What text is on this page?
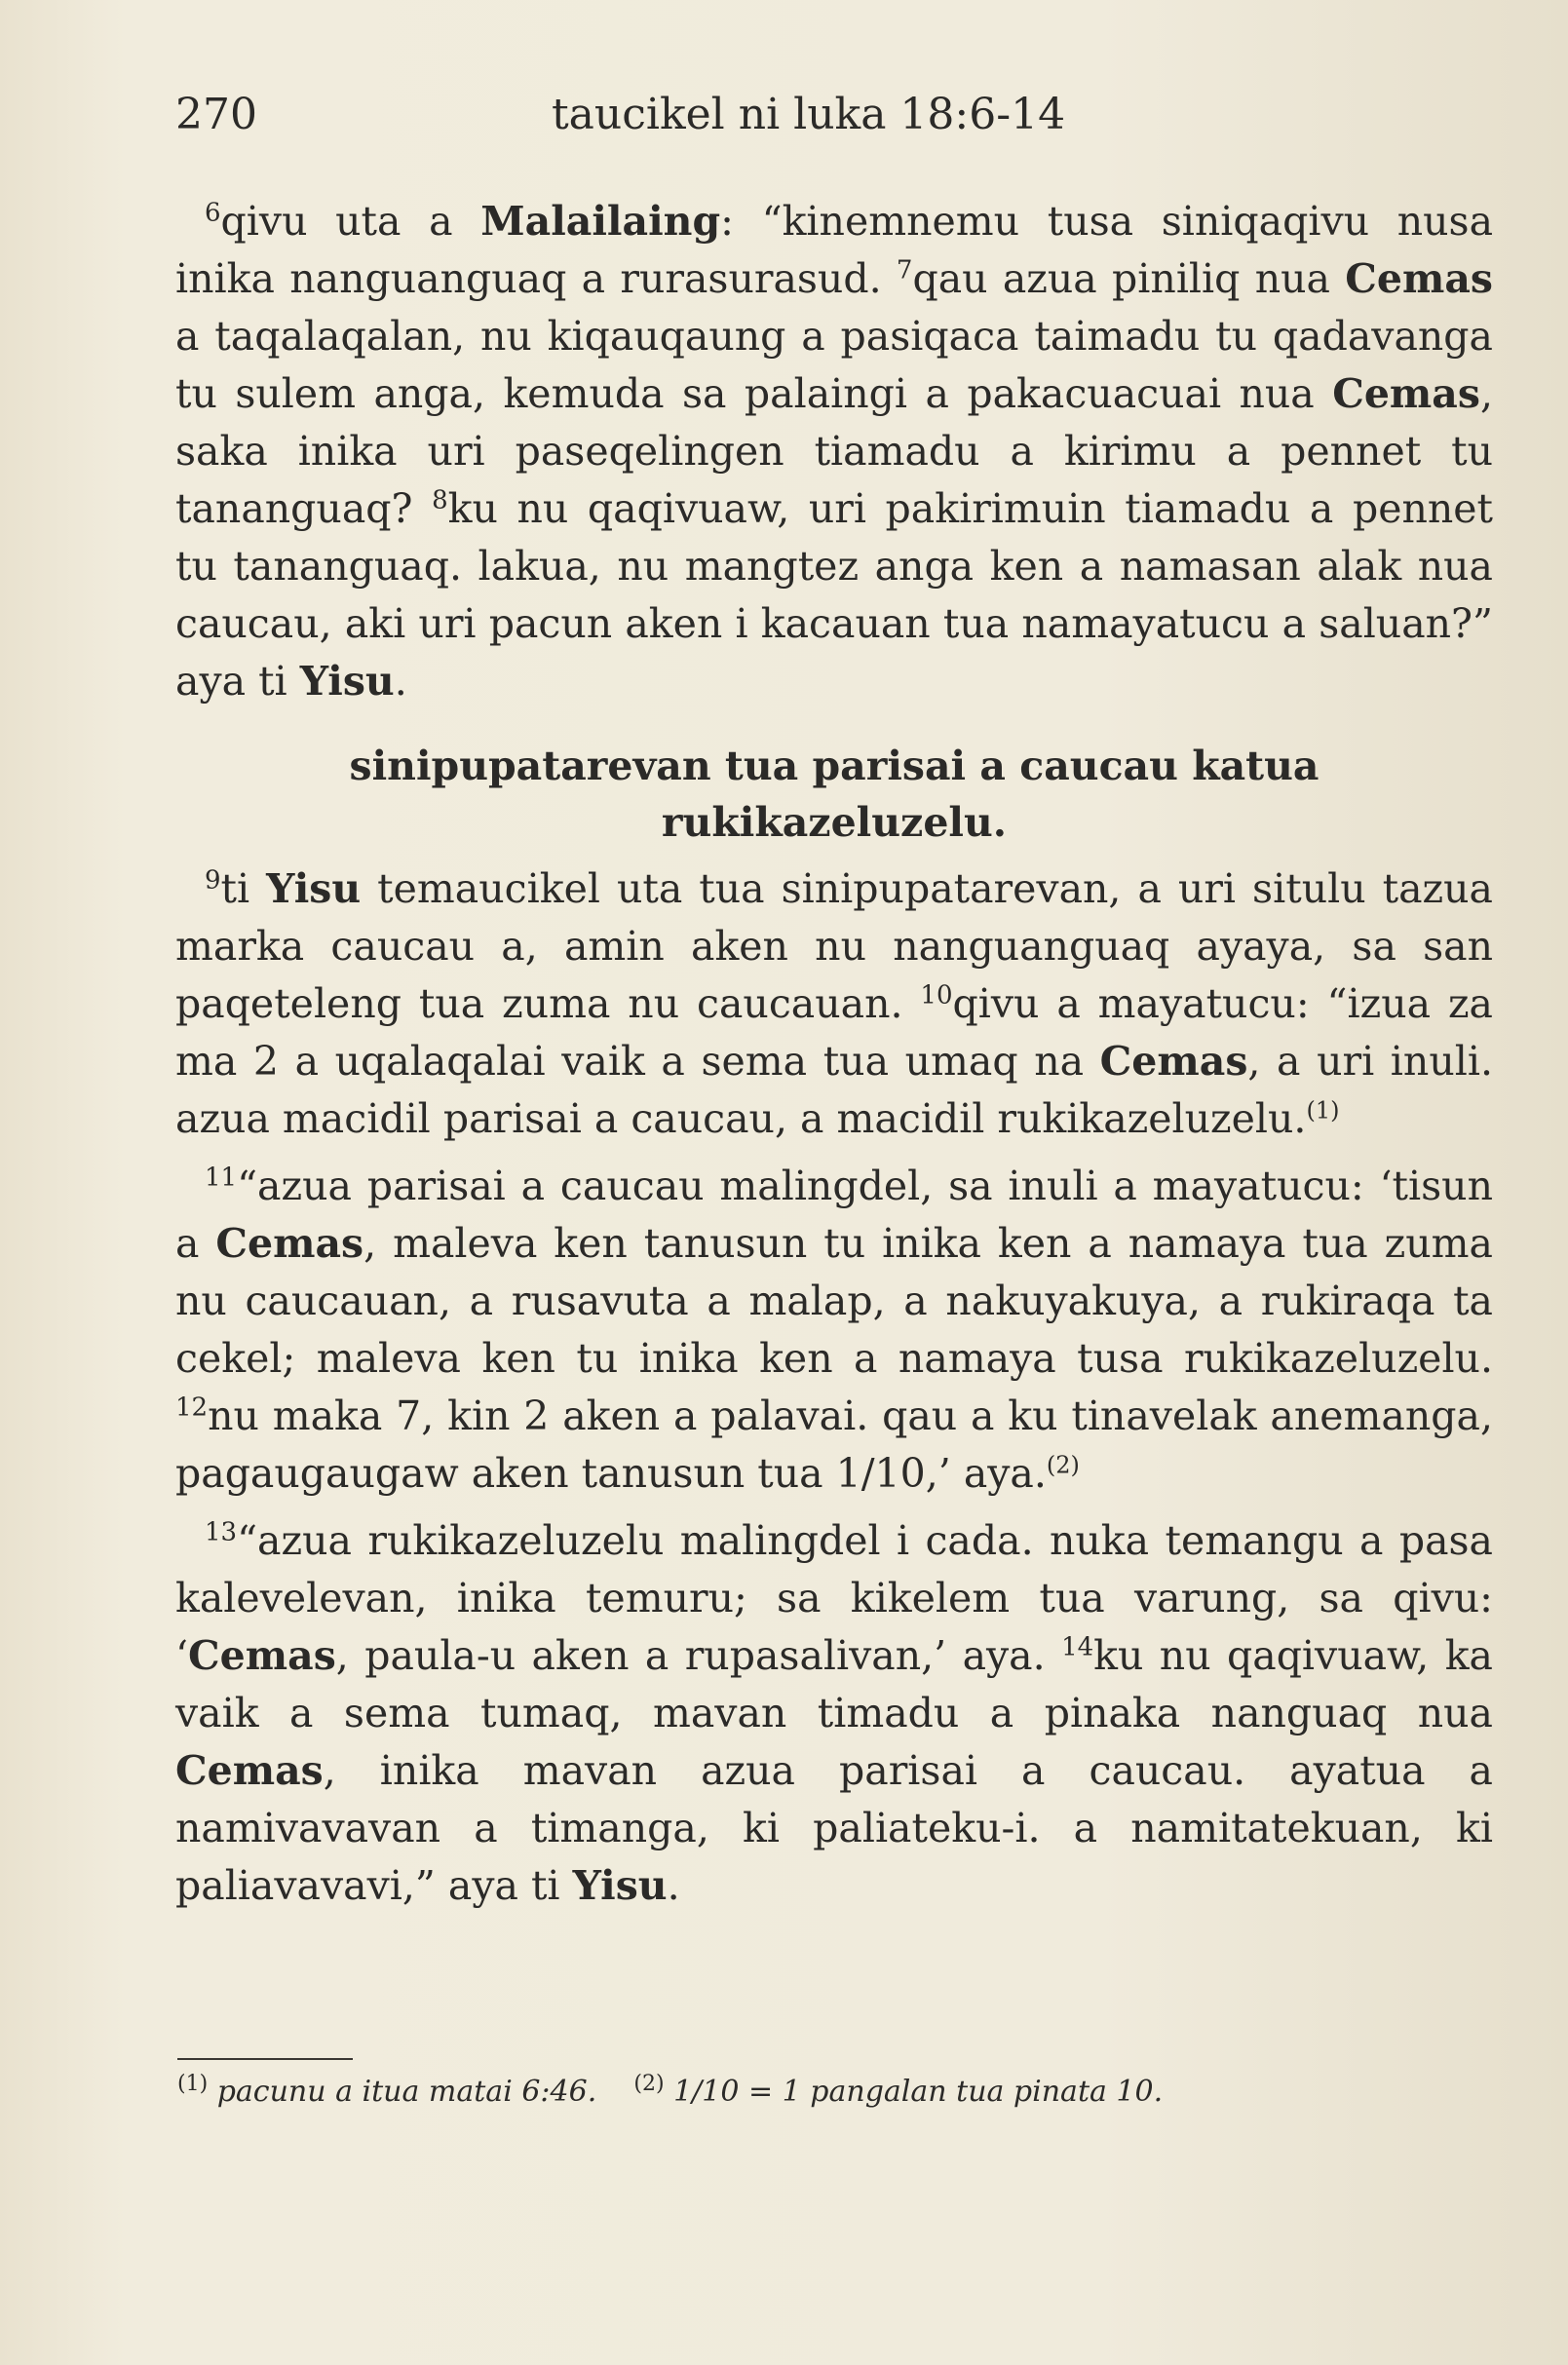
270	taucikel ni luka 18:6-14

$^6$qivu uta a Malailaing: “kinemnemu tusa siniqaqivu nusa inika nanguanguaq a rurasurasud. $^7$qau azua piniliq nua Cemas a taqalaqalan, nu kiqauqaung a pasiqaca taimadu tu qadavanga tu sulem anga, kemuda sa palaingi a pakacuacuai nua Cemas, saka inika uri paseqelingen tiamadu a kirimu a pennet tu tananguaq? $^8$ku nu qaqivuaw, uri pakirimuin tiamadu a pennet tu tananguaq. lakua, nu mangtez anga ken a namasan alak nua caucau, aki uri pacun aken i kacauan tua namayatucu a saluan?” aya ti Yisu.

sinipupatarevan tua parisai a caucau katua rukikazeluzelu.

$^9$ti Yisu temaucikel uta tua sinipupatarevan, a uri situlu tazua marka caucau a, amin aken nu nanguanguaq ayaya, sa san paqeteleng tua zuma nu caucauan. $^{10}$qivu a mayatucu: “izua za ma 2 a uqalaqalai vaik a sema tua umaq na Cemas, a uri inuli. azua macidil parisai a caucau, a macidil rukikazeluzelu.$^{(1)}$

$^{11}$“azua parisai a caucau malingdel, sa inuli a mayatucu: ‘tisun a Cemas, maleva ken tanusun tu inika ken a namaya tua zuma nu caucauan, a rusavuta a malap, a nakuyakuya, a rukiraqa ta cekel; maleva ken tu inika ken a namaya tusa rukikazeluzelu. $^{12}$nu maka 7, kin 2 aken a palavai. qau a ku tinavelak anemanga, pagaugaugaw aken tanusun tua 1/10,’ aya.$^{(2)}$

$^{13}$“azua rukikazeluzelu malingdel i cada. nuka temangu a pasa kalevelevan, inika temuru; sa kikelem tua varung, sa qivu: ‘Cemas, paula-u aken a rupasalivan,’ aya. $^{14}$ku nu qaqivuaw, ka vaik a sema tumaq, mavan timadu a pinaka nanguaq nua Cemas, inika mavan azua parisai a caucau. ayatua a namivavavan a timanga, ki paliateku-i. a namitatekuan, ki paliavavavi,” aya ti Yisu.

$^{(1)}$ pacunu a itua matai 6:46. $^{(2)}$ 1/10 = 1 pangalan tua pinata 10.
